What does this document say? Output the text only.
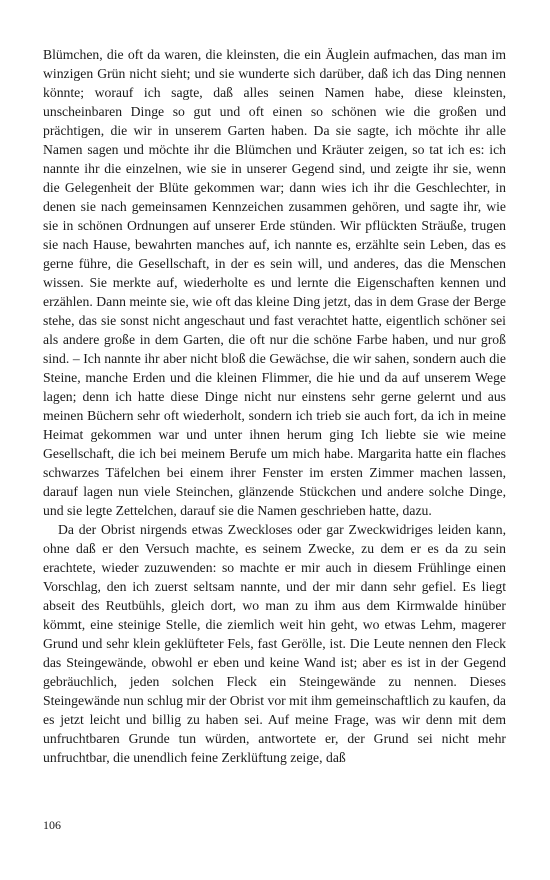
Blümchen, die oft da waren, die kleinsten, die ein Äuglein aufmachen, das man im winzigen Grün nicht sieht; und sie wunderte sich darüber, daß ich das Ding nennen könnte; worauf ich sagte, daß alles seinen Namen habe, diese kleinsten, unscheinbaren Dinge so gut und oft einen so schönen wie die großen und prächtigen, die wir in unserem Garten haben. Da sie sagte, ich möchte ihr alle Namen sagen und möchte ihr die Blümchen und Kräuter zeigen, so tat ich es: ich nannte ihr die einzelnen, wie sie in unserer Gegend sind, und zeigte ihr sie, wenn die Gelegenheit der Blüte gekommen war; dann wies ich ihr die Geschlechter, in denen sie nach gemeinsamen Kennzeichen zusammen gehören, und sagte ihr, wie sie in schönen Ordnungen auf unserer Erde stünden. Wir pflückten Sträuße, trugen sie nach Hause, bewahrten manches auf, ich nannte es, erzählte sein Leben, das es gerne führe, die Gesellschaft, in der es sein will, und anderes, das die Menschen wissen. Sie merkte auf, wiederholte es und lernte die Eigenschaften kennen und erzählen. Dann meinte sie, wie oft das kleine Ding jetzt, das in dem Grase der Berge stehe, das sie sonst nicht angeschaut und fast verachtet hatte, eigentlich schöner sei als andere große in dem Garten, die oft nur die schöne Farbe haben, und nur groß sind. – Ich nannte ihr aber nicht bloß die Gewächse, die wir sahen, sondern auch die Steine, manche Erden und die kleinen Flimmer, die hie und da auf unserem Wege lagen; denn ich hatte diese Dinge nicht nur einstens sehr gerne gelernt und aus meinen Büchern sehr oft wiederholt, sondern ich trieb sie auch fort, da ich in meine Heimat gekommen war und unter ihnen herum ging Ich liebte sie wie meine Gesellschaft, die ich bei meinem Berufe um mich habe. Margarita hatte ein flaches schwarzes Täfelchen bei einem ihrer Fenster im ersten Zimmer machen lassen, darauf lagen nun viele Steinchen, glänzende Stückchen und andere solche Dinge, und sie legte Zettelchen, darauf sie die Namen geschrieben hatte, dazu.

Da der Obrist nirgends etwas Zweckloses oder gar Zweckwidriges leiden kann, ohne daß er den Versuch machte, es seinem Zwecke, zu dem er es da zu sein erachtete, wieder zuzuwenden: so machte er mir auch in diesem Frühlinge einen Vorschlag, den ich zuerst seltsam nannte, und der mir dann sehr gefiel. Es liegt abseit des Reutbühls, gleich dort, wo man zu ihm aus dem Kirmwalde hinüber kömmt, eine steinige Stelle, die ziemlich weit hin geht, wo etwas Lehm, magerer Grund und sehr klein geklüfteter Fels, fast Gerölle, ist. Die Leute nennen den Fleck das Steingewände, obwohl er eben und keine Wand ist; aber es ist in der Gegend gebräuchlich, jeden solchen Fleck ein Steingewände zu nennen. Dieses Steingewände nun schlug mir der Obrist vor mit ihm gemeinschaftlich zu kaufen, da es jetzt leicht und billig zu haben sei. Auf meine Frage, was wir denn mit dem unfruchtbaren Grunde tun würden, antwortete er, der Grund sei nicht mehr unfruchtbar, die unendlich feine Zerklüftung zeige, daß

106
